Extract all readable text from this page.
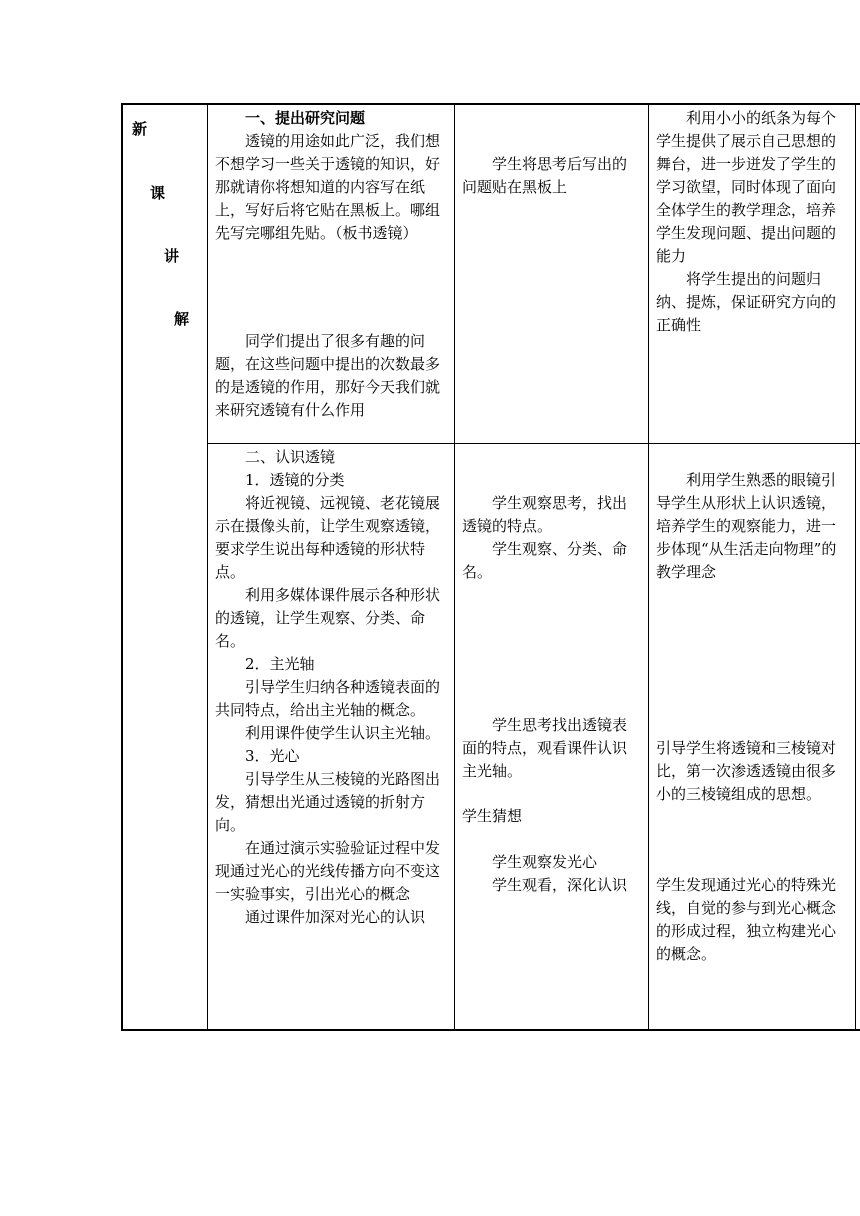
新
课
讲
解
一、提出研究问题
透镜的用途如此广泛，我们想不想学习一些关于透镜的知识，好那就请你将想知道的内容写在纸上，写好后将它贴在黑板上。哪组先写完哪组先贴。（板书透镜）
同学们提出了很多有趣的问题，在这些问题中提出的次数最多的是透镜的作用，那好今天我们就来研究透镜有什么作用
学生将思考后写出的问题贴在黑板上
利用小小的纸条为每个学生提供了展示自己思想的舞台，进一步迸发了学生的学习欲望，同时体现了面向全体学生的教学理念，培养学生发现问题、提出问题的能力
将学生提出的问题归纳、提炼，保证研究方向的正确性
二、认识透镜
1．透镜的分类
将近视镜、远视镜、老花镜展示在摄像头前，让学生观察透镜，要求学生说出每种透镜的形状特点。
利用多媒体课件展示各种形状的透镜，让学生观察、分类、命名。
2．主光轴
引导学生归纳各种透镜表面的共同特点，给出主光轴的概念。
利用课件使学生认识主光轴。
3．光心
引导学生从三棱镜的光路图出发，猜想出光通过透镜的折射方向。
在通过演示实验验证过程中发现通过光心的光线传播方向不变这一实验事实，引出光心的概念
通过课件加深对光心的认识
学生观察思考，找出透镜的特点。
学生观察、分类、命名。
学生思考找出透镜表面的特点，观看课件认识主光轴。
学生猜想
学生观察发光心
学生观看，深化认识
利用学生熟悉的眼镜引导学生从形状上认识透镜，培养学生的观察能力，进一步体现“从生活走向物理”的教学理念
引导学生将透镜和三棱镜对比，第一次渗透透镜由很多小的三棱镜组成的思想。
学生发现通过光心的特殊光线，自觉的参与到光心概念的形成过程，独立构建光心的概念。
